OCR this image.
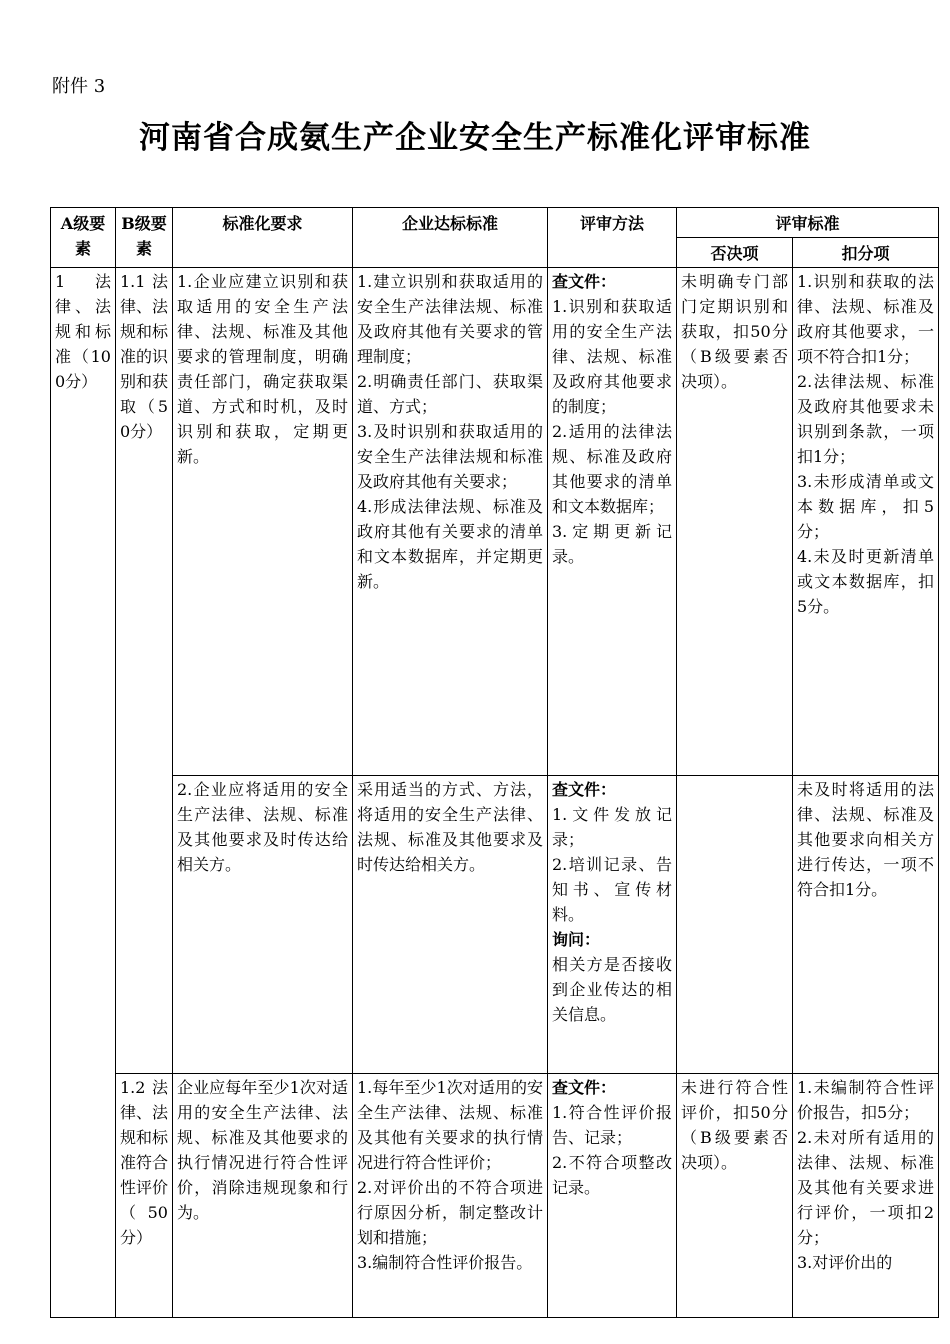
附件 3
河南省合成氨生产企业安全生产标准化评审标准
A级要素	B级要素	标准化要求	企业达标标准	评审方法	评审标准	
					否决项	扣分项
1 法律、法规和标准（100分）	1.1 法律、法规和标准的识别和获取（50分）	1.企业应建立识别和获取适用的安全生产法律、法规、标准及其他要求的管理制度，明确责任部门，确定获取渠道、方式和时机，及时识别和获取，定期更新。	1.建立识别和获取适用的安全生产法律法规、标准及政府其他有关要求的管理制度；
2.明确责任部门、获取渠道、方式；
3.及时识别和获取适用的安全生产法律法规和标准及政府其他有关要求；
4.形成法律法规、标准及政府其他有关要求的清单和文本数据库，并定期更新。	查文件：
1.识别和获取适用的安全生产法律、法规、标准及政府其他要求的制度；
2.适用的法律法规、标准及政府其他要求的清单和文本数据库；
3.定期更新记录。	未明确专门部门定期识别和获取，扣50分（B级要素否决项）。	1.识别和获取的法律、法规、标准及政府其他要求，一项不符合扣1分；
2.法律法规、标准及政府其他要求未识别到条款，一项扣1分；
3.未形成清单或文本数据库，扣5分；
4.未及时更新清单或文本数据库，扣5分。

		2.企业应将适用的安全生产法律、法规、标准及其他要求及时传达给相关方。	采用适当的方式、方法，将适用的安全生产法律、法规、标准及其他要求及时传达给相关方。	查文件：
1.文件发放记录；
2.培训记录、告知书、宣传材料。
询问：
相关方是否接收到企业传达的相关信息。		未及时将适用的法律、法规、标准及其他要求向相关方进行传达，一项不符合扣1分。

	1.2 法律、法规和标准符合性评价（50分）	企业应每年至少1次对适用的安全生产法律、法规、标准及其他要求的执行情况进行符合性评价，消除违规现象和行为。	1.每年至少1次对适用的安全生产法律、法规、标准及其他有关要求的执行情况进行符合性评价；
2.对评价出的不符合项进行原因分析，制定整改计划和措施；
3.编制符合性评价报告。	查文件：
1.符合性评价报告、记录；
2.不符合项整改记录。	未进行符合性评价，扣50分（B级要素否决项）。	1.未编制符合性评价报告，扣5分；
2.未对所有适用的法律、法规、标准及其他有关要求进行评价，一项扣2分；
3.对评价出的
